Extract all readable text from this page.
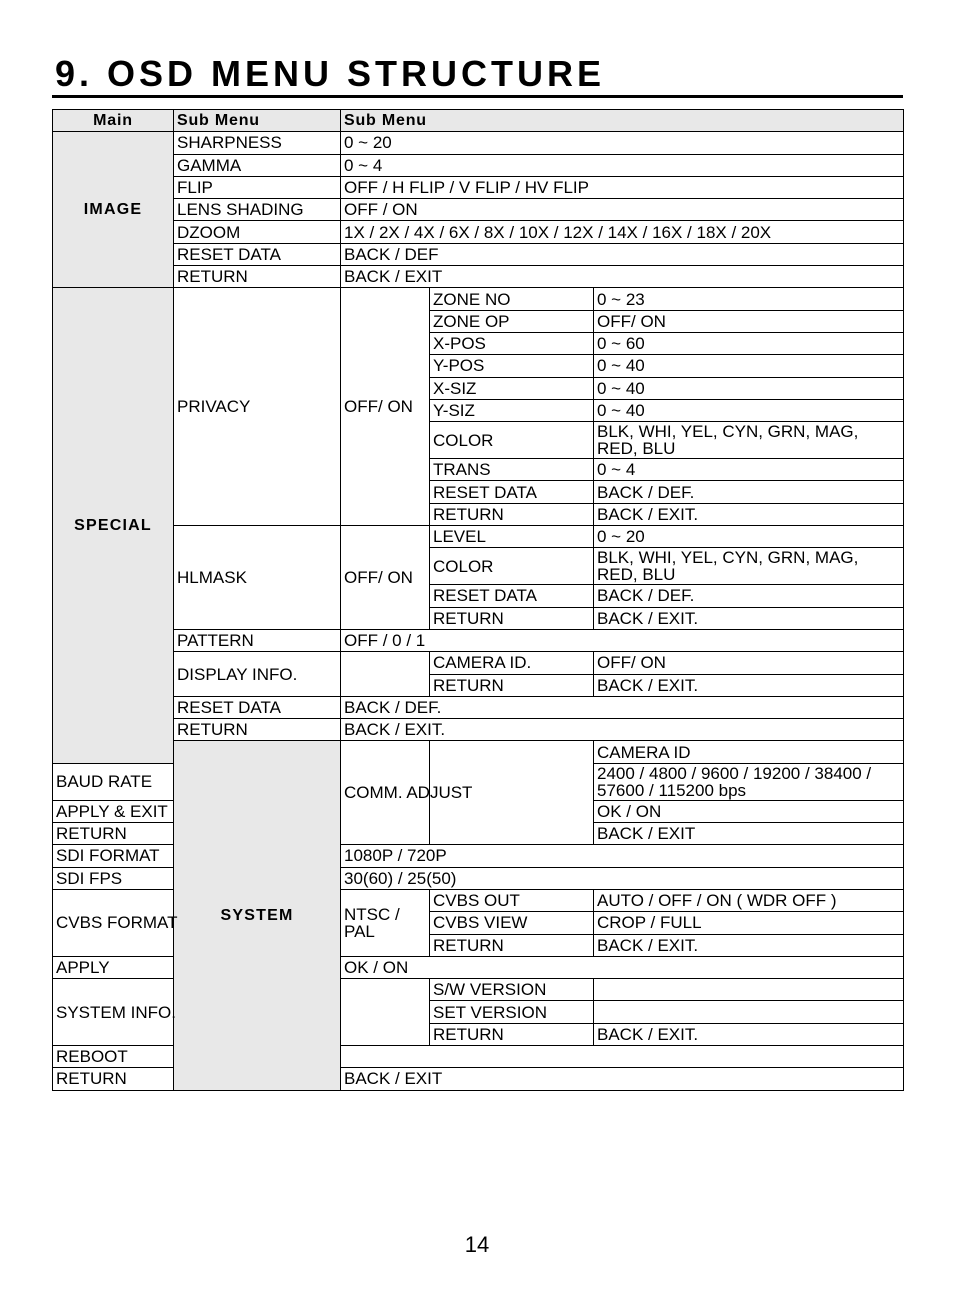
9. OSD MENU STRUCTURE
Main	Sub Menu	Sub Menu			
IMAGE	SHARPNESS	0 ~ 20			
	GAMMA	0 ~ 4			
	FLIP	OFF / H FLIP / V FLIP / HV FLIP			
	LENS SHADING	OFF / ON			
	DZOOM	1X / 2X / 4X / 6X / 8X / 10X / 12X / 14X / 16X / 18X / 20X			
	RESET DATA	BACK / DEF			
	RETURN	BACK / EXIT			
SPECIAL	PRIVACY	OFF/ ON	ZONE NO	0 ~ 23	
			ZONE OP	OFF/ ON	
			X-POS	0 ~ 60	
			Y-POS	0 ~ 40	
			X-SIZ	0 ~ 40	
			Y-SIZ	0 ~ 40	
			COLOR	BLK, WHI, YEL, CYN, GRN, MAG, RED, BLU	
			TRANS	0 ~ 4	
			RESET DATA	BACK / DEF.	
			RETURN	BACK / EXIT.	
	HLMASK	OFF/ ON	LEVEL	0 ~ 20	
			COLOR	BLK, WHI, YEL, CYN, GRN, MAG, RED, BLU	
			RESET DATA	BACK / DEF.	
			RETURN	BACK / EXIT.	
	PATTERN	OFF / 0 / 1			
	DISPLAY INFO.		CAMERA ID.	OFF/ ON	
			RETURN	BACK / EXIT.	
	RESET DATA	BACK / DEF.			
	RETURN	BACK / EXIT.			
	SYSTEM	COMM. ADJUST		CAMERA ID	
BAUD RATE				2400 / 4800 / 9600 / 19200 / 38400 / 57600 / 115200 bps	
APPLY & EXIT				OK / ON	
RETURN				BACK / EXIT	
SDI FORMAT		1080P / 720P			
SDI FPS		30(60) / 25(50)			
CVBS FORMAT		NTSC / PAL	CVBS OUT	AUTO / OFF / ON ( WDR OFF )	
			CVBS VIEW	CROP / FULL	
			RETURN	BACK / EXIT.	
APPLY		OK / ON			
SYSTEM INFO.			S/W VERSION		
			SET VERSION		
			RETURN	BACK / EXIT.	
REBOOT					
RETURN		BACK / EXIT			
14
